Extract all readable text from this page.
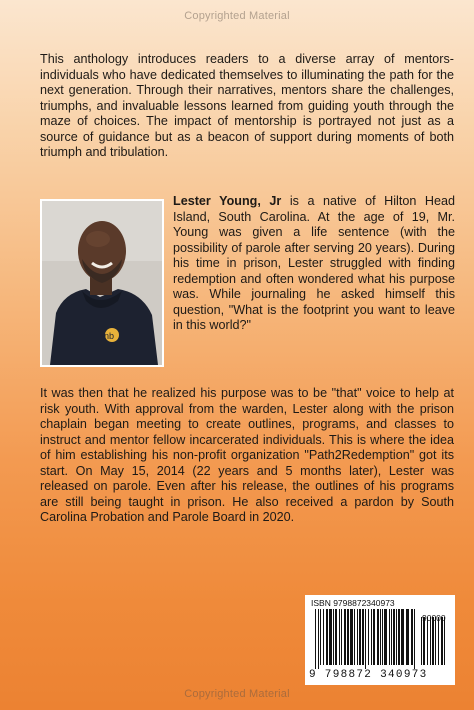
Copyrighted Material

This anthology introduces readers to a diverse array of mentors-individuals who have dedicated themselves to illuminating the path for the next generation. Through their narratives, mentors share the challenges, triumphs, and invaluable lessons learned from guiding youth through the maze of choices. The impact of mentorship is portrayed not just as a source of guidance but as a beacon of support during moments of both triumph and tribulation.

nb

Lester Young, Jr is a native of Hilton Head Island, South Carolina. At the age of 19, Mr. Young was given a life sentence (with the possibility of parole after serving 20 years). During his time in prison, Lester struggled with finding redemption and often wondered what his purpose was. While journaling he asked himself this question, "What is the footprint you want to leave in this world?"

It was then that he realized his purpose was to be "that" voice to help at risk youth. With approval from the warden, Lester along with the prison chaplain began meeting to create outlines, programs, and classes to instruct and mentor fellow incarcerated individuals. This is where the idea of him establishing his non-profit organization "Path2Redemption" got its start. On May 15, 2014 (22 years and 5 months later), Lester was released on parole. Even after his release, the outlines of his programs are still being taught in prison. He also received a pardon by South Carolina Probation and Parole Board in 2020.

ISBN 9798872340973
9 798872 340973
Copyrighted Material
